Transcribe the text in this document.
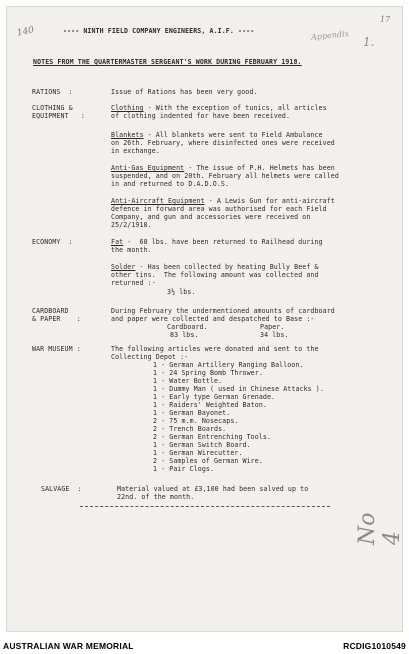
140
17
Appendix 1.
No 4
---- NINTH FIELD COMPANY ENGINEERS, A.I.F. ----
NOTES FROM THE QUARTERMASTER SERGEANT'S WORK DURING FEBRUARY 1918.
RATIONS  :	Issue of Rations has been very good.
CLOTHING &
EQUIPMENT   :
Clothing - With the exception of tunics, all articles
of clothing indented for have been received.
Blankets - All blankets were sent to Field Ambulance
on 26th. February, where disinfected ones were received
in exchange.
Anti-Gas Equipment - The issue of P.H. Helmets has been
suspended, and on 20th. February all helmets were called
in and returned to D.A.D.O.S.
Anti-Aircraft Equipment - A Lewis Gun for anti-aircraft
defence in forward area was authorised for each Field
Company, and gun and accessories were received on
25/2/1918.
ECONOMY  :	Fat -  68 lbs. have been returned to Railhead during
the month.
Solder - Has been collected by heating Bully Beef &
other tins.  The following amount was collected and
returned :-
3½ lbs.
CARDBOARD
& PAPER    :
During February the undermentioned amounts of cardboard
and paper were collected and despatched to Base :-
Cardboard.	Paper.
83 lbs.	34 lbs.
WAR MUSEUM :	The following articles were donated and sent to the
Collecting Depot :-
1 - German Artillery Ranging Balloon.
1 - 24 Spring Bomb Thrower.
1 - Water Bottle.
1 - Dummy Man ( used in Chinese Attacks ).
1 - Early type German Grenade.
1 - Raiders' Weighted Baton.
1 - German Bayonet.
2 - 75 m.m. Nosecaps.
2 - Trench Boards.
2 - German Entrenching Tools.
1 - German Switch Board.
1 - German Wirecutter.
2 - Samples of German Wire.
1 - Pair Clogs.
SALVAGE  :	Material valued at £3,100 had been salved up to
22nd. of the month.
AUSTRALIAN WAR MEMORIAL	RCDIG1010549
